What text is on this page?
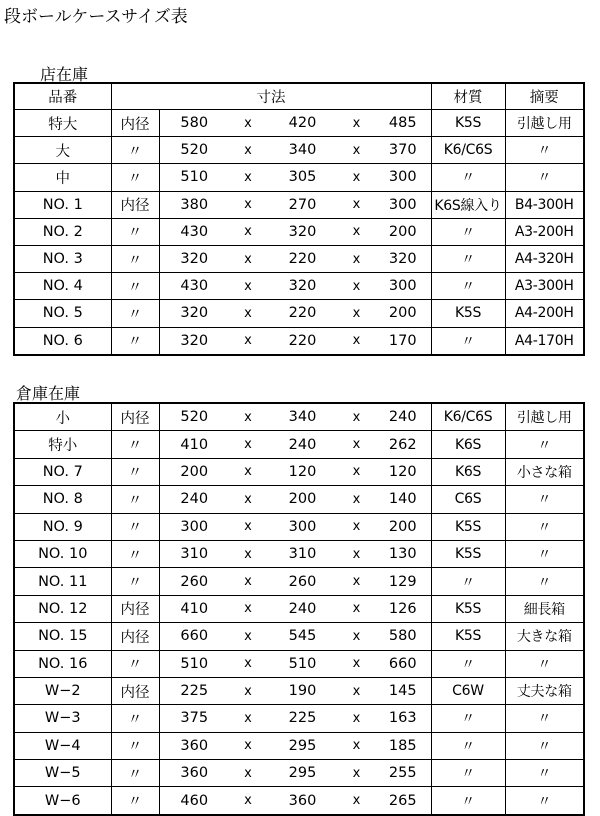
段ボールケースサイズ表
店在庫
品番	寸法						材質	摘要
特大	内径	580	x	420	x	485	K5S	引越し用
大	〃	520	x	340	x	370	K6/C6S	〃
中	〃	510	x	305	x	300	〃	〃
NO. 1	内径	380	x	270	x	300	K6S線入り	B4-300H
NO. 2	〃	430	x	320	x	200	〃	A3-200H
NO. 3	〃	320	x	220	x	320	〃	A4-320H
NO. 4	〃	430	x	320	x	300	〃	A3-300H
NO. 5	〃	320	x	220	x	200	K5S	A4-200H
NO. 6	〃	320	x	220	x	170	〃	A4-170H
倉庫在庫
小	内径	520	x	340	x	240	K6/C6S	引越し用
特小	〃	410	x	240	x	262	K6S	〃
NO. 7	〃	200	x	120	x	120	K6S	小さな箱
NO. 8	〃	240	x	200	x	140	C6S	〃
NO. 9	〃	300	x	300	x	200	K5S	〃
NO. 10	〃	310	x	310	x	130	K5S	〃
NO. 11	〃	260	x	260	x	129	〃	〃
NO. 12	内径	410	x	240	x	126	K5S	細長箱
NO. 15	内径	660	x	545	x	580	K5S	大きな箱
NO. 16	〃	510	x	510	x	660	〃	〃
W−2	内径	225	x	190	x	145	C6W	丈夫な箱
W−3	〃	375	x	225	x	163	〃	〃
W−4	〃	360	x	295	x	185	〃	〃
W−5	〃	360	x	295	x	255	〃	〃
W−6	〃	460	x	360	x	265	〃	〃
